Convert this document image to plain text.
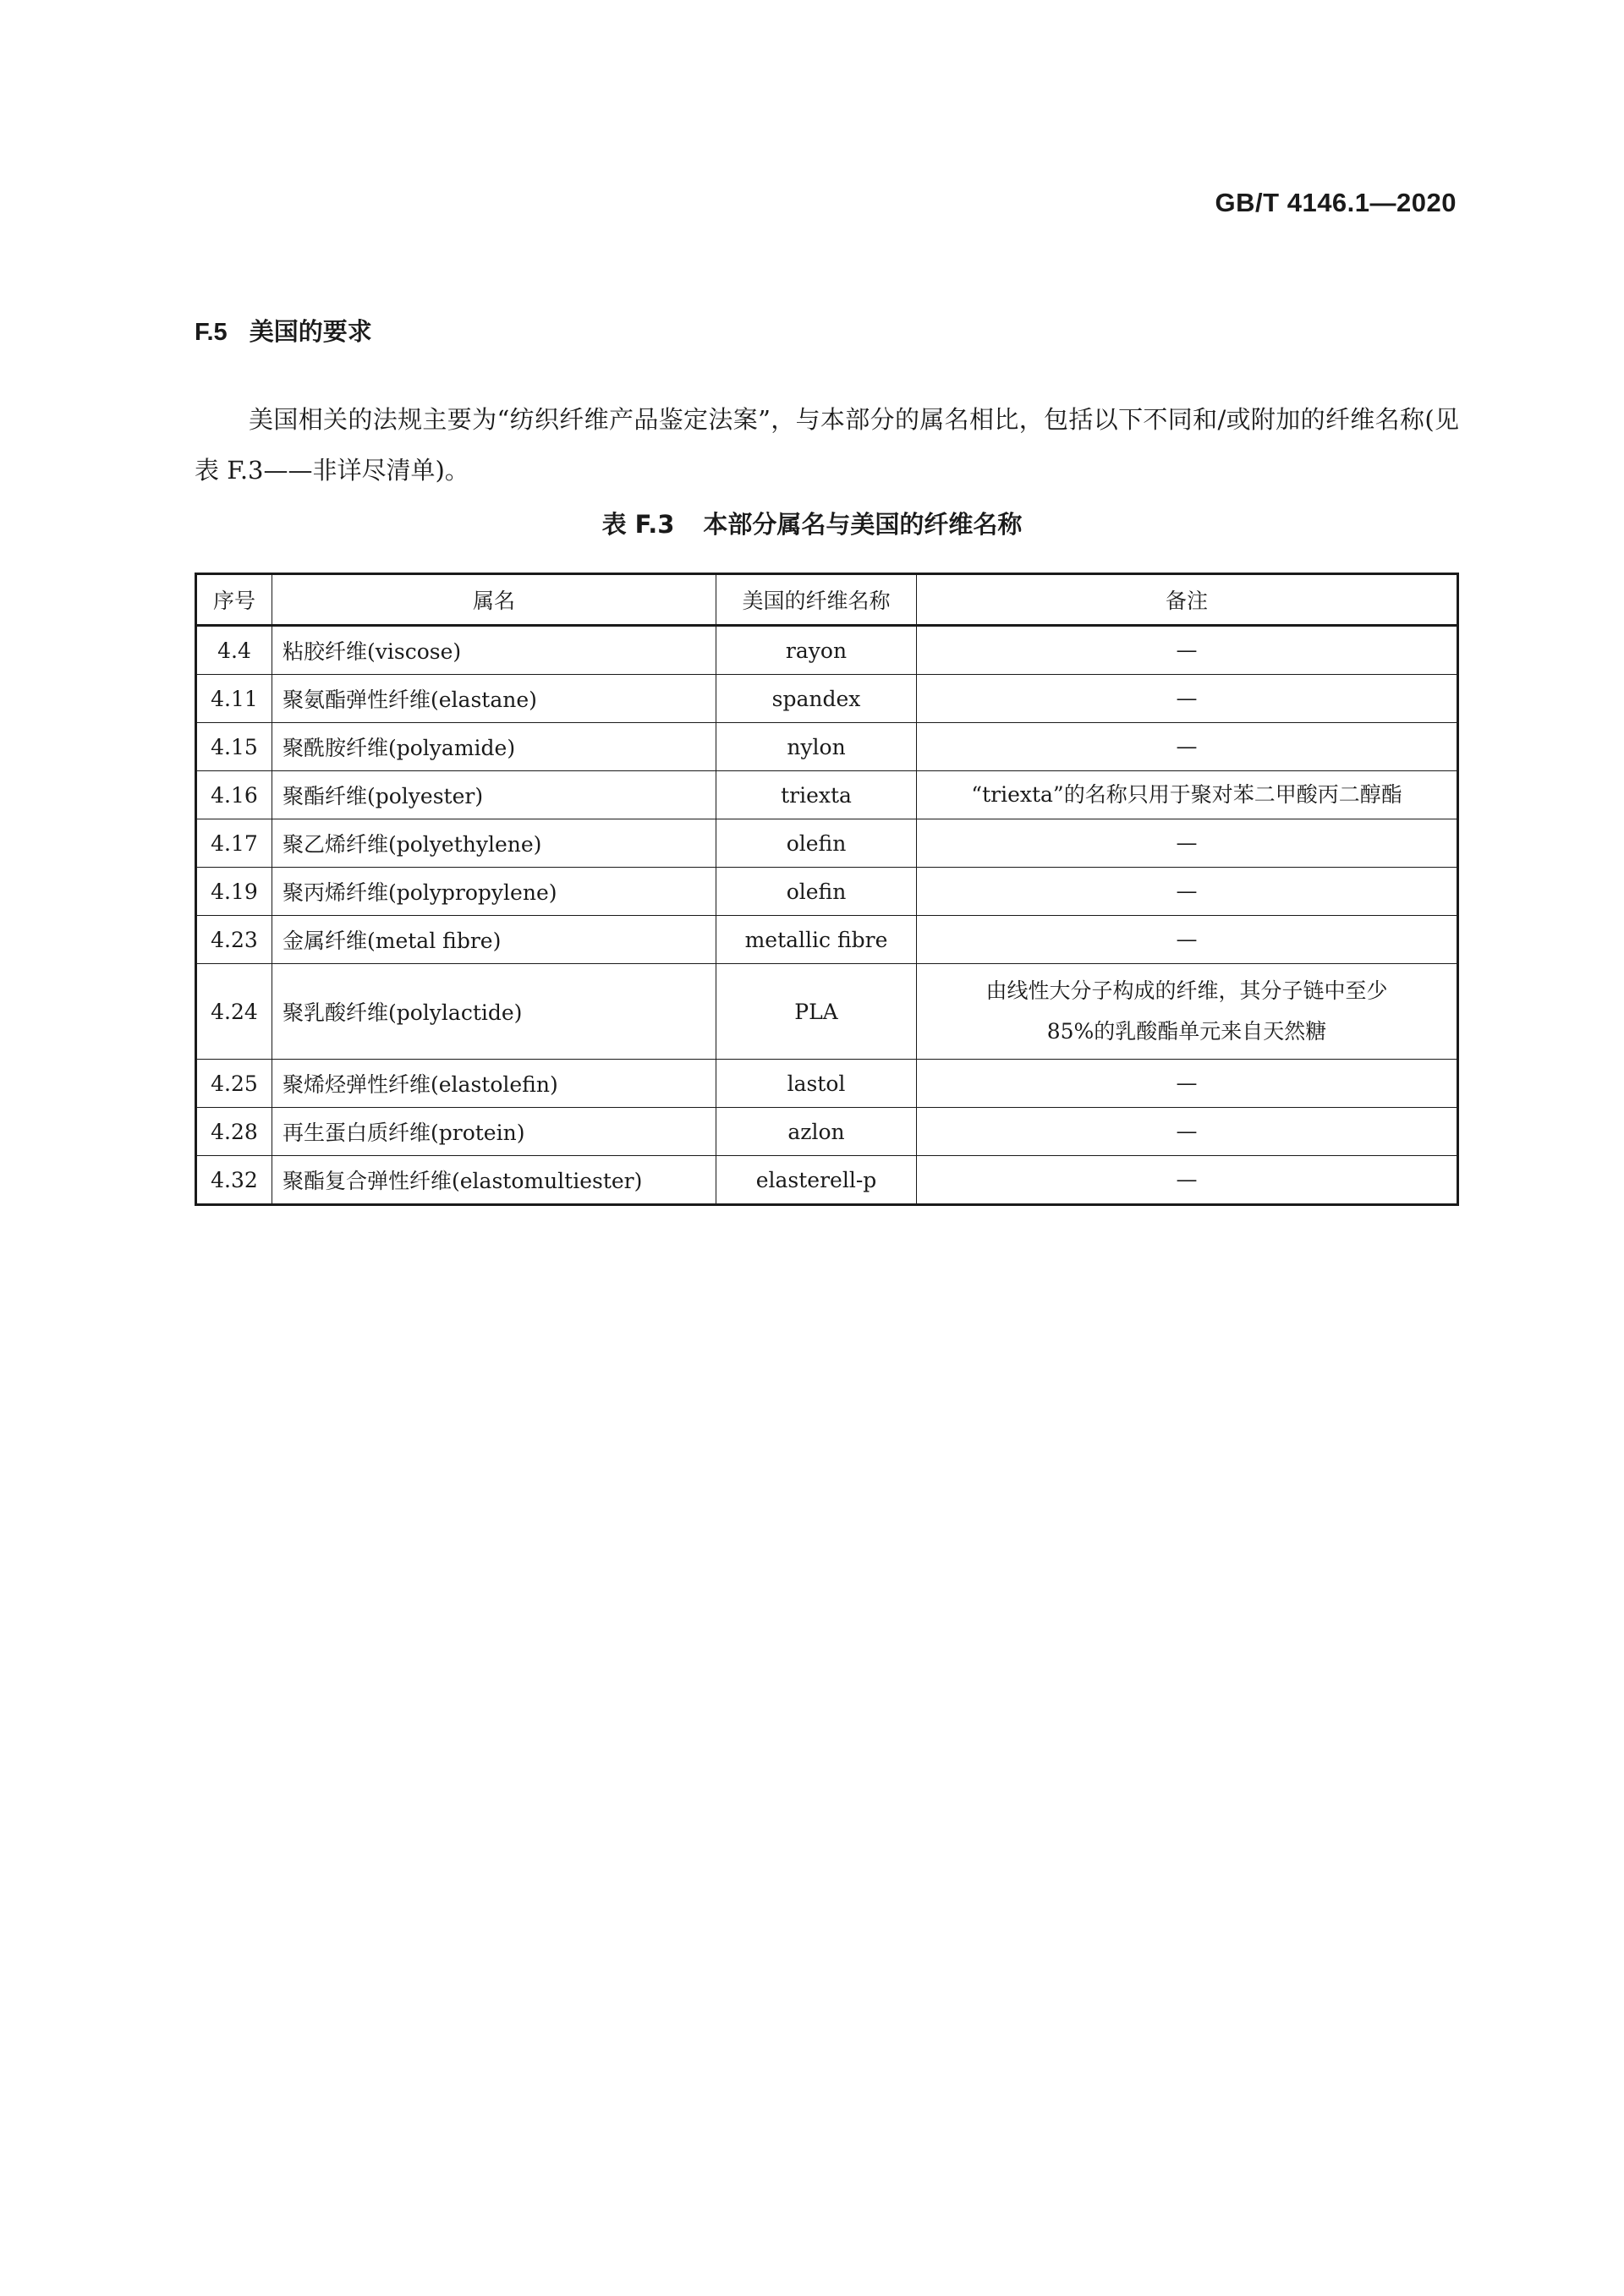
GB/T 4146.1—2020
F.5 美国的要求
美国相关的法规主要为“纺织纤维产品鉴定法案”，与本部分的属名相比，包括以下不同和/或附加的纤维名称(见表 F.3——非详尽清单)。
表 F.3 本部分属名与美国的纤维名称
序号	属名	美国的纤维名称	备注
4.4	粘胶纤维(viscose)	rayon	—
4.11	聚氨酯弹性纤维(elastane)	spandex	—
4.15	聚酰胺纤维(polyamide)	nylon	—
4.16	聚酯纤维(polyester)	triexta	“triexta”的名称只用于聚对苯二甲酸丙二醇酯
4.17	聚乙烯纤维(polyethylene)	olefin	—
4.19	聚丙烯纤维(polypropylene)	olefin	—
4.23	金属纤维(metal fibre)	metallic fibre	—
4.24	聚乳酸纤维(polylactide)	PLA	由线性大分子构成的纤维，其分子链中至少
85%的乳酸酯单元来自天然糖

4.25	聚烯烃弹性纤维(elastolefin)	lastol	—
4.28	再生蛋白质纤维(protein)	azlon	—
4.32	聚酯复合弹性纤维(elastomultiester)	elasterell-p	—
